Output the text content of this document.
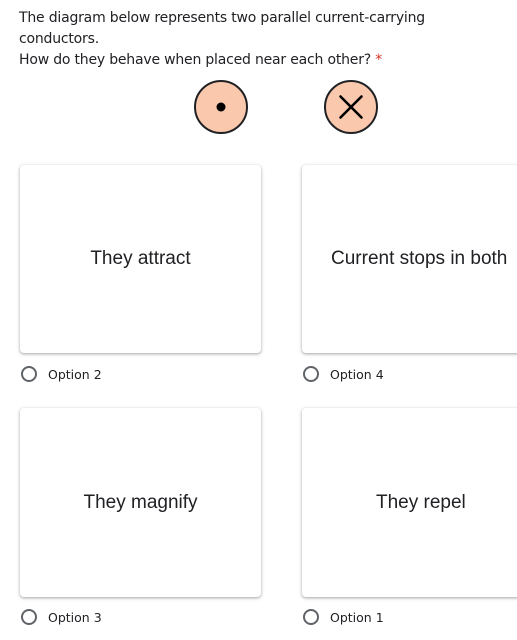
The diagram below represents two parallel current-carrying conductors.
How do they behave when placed near each other? *
They attract
Option 2
Current stops in both
Option 4
They magnify
Option 3
They repel
Option 1
